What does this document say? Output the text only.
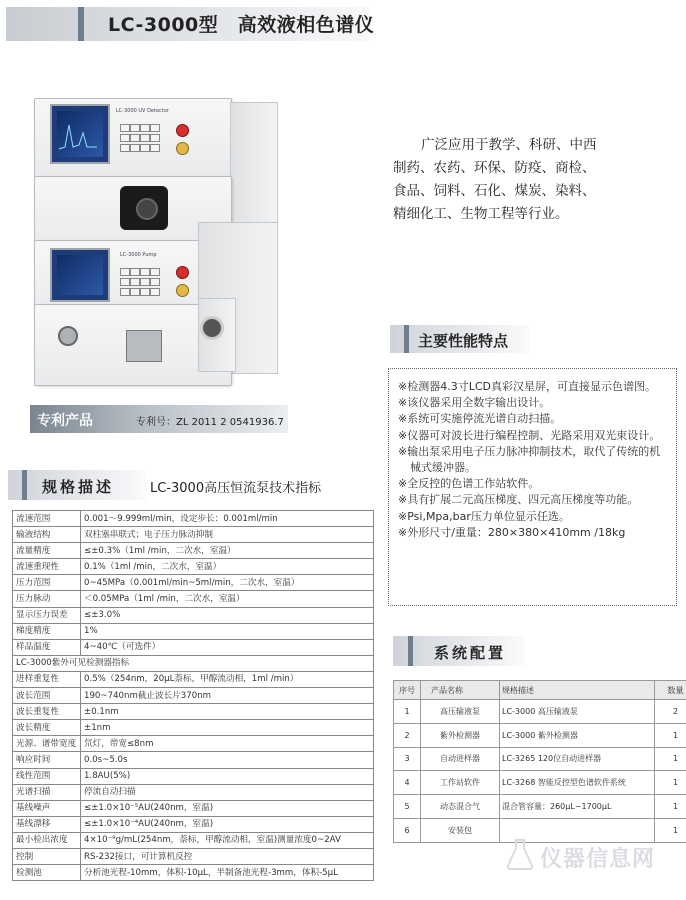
LC-3000型　高效液相色谱仪
LC-3000 UV Detector
LC-3000 Pump
广泛应用于教学、科研、中西
制药、农药、环保、防疫、商检、
食品、饲料、石化、煤炭、染料、
精细化工、生物工程等行业。
主要性能特点
※检测器4.3寸LCD真彩汉星屏，可直接显示色谱图。
※该仪器采用全数字输出设计。
※系统可实施停流光谱自动扫描。
※仪器可对波长进行编程控制、光路采用双光束设计。
※输出泵采用电子压力脉冲抑制技术，取代了传统的机械式缓冲器。
※全反控的色谱工作站软件。
※具有扩展二元高压梯度、四元高压梯度等功能。
※Psi,Mpa,bar压力单位显示任选。
※外形尺寸/重量：280×380×410mm /18kg
专利产品	专利号：ZL 2011 2 0541936.7
规格描述	LC-3000高压恒流泵技术指标
流速范围	0.001～9.999ml/min，设定步长：0.001ml/min
输液结构	双柱塞串联式；电子压力脉动抑制
流量精度	≤±0.3%（1ml /min，二次水，室温）
流速重现性	0.1%（1ml /min，二次水，室温）
压力范围	0~45MPa（0.001ml/min~5ml/min，二次水，室温）
压力脉动	＜0.05MPa（1ml /min，二次水，室温）
显示压力误差	≤±3.0%
梯度精度	1%
样品温度	4~40℃（可选件）
LC-3000紫外可见检测器指标	
进样重复性	0.5%（254nm，20μL萘标，甲醇流动相，1ml /min）
波长范围	190~740nm截止波长片370nm
波长重复性	±0.1nm
波长精度	±1nm
光源、谱带宽度	氘灯，带宽≤8nm
响应时间	0.0s~5.0s
线性范围	1.8AU(5%)
光谱扫描	停流自动扫描
基线噪声	≤±1.0×10⁻⁵AU(240nm，室温)
基线漂移	≤±1.0×10⁻⁴AU(240nm，室温)
最小检出浓度	4×10⁻⁹g/mL(254nm，萘标，甲醇流动相，室温)测量浓度0~2AV
控制	RS-232接口，可计算机反控
检测池	分析池光程-10mm，体积-10μL，半制备池光程-3mm，体积-5μL
系统配置
序号	产品名称	规格描述	数量
1	高压输液泵	LC-3000 高压输液泵	2
2	紫外检测器	LC-3000 紫外检测器	1
3	自动进样器	LC-3265 120位自动进样器	1
4	工作站软件	LC-3268 智能反控型色谱软件系统	1
5	动态混合气	混合管容量：260μL~1700μL	1
6	安装包		1
仪器信息网
